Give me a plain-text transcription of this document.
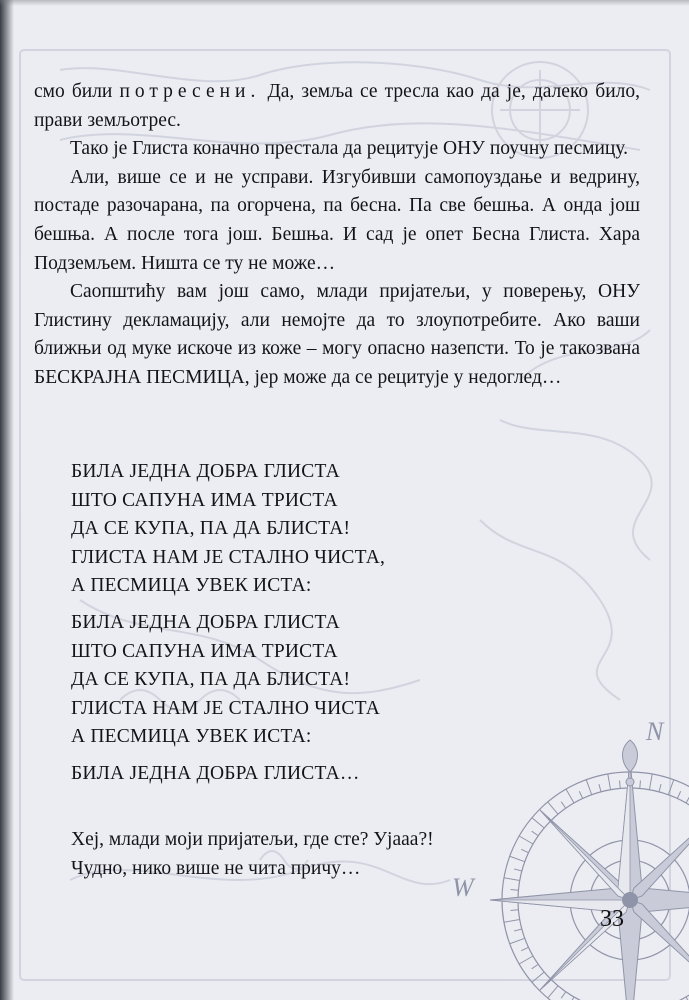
смо били потресени. Да, земља се тресла као да је, далеко било, прави земљотрес.

Тако је Глиста коначно престала да рецитује ОНУ поучну песмицу.

Али, више се и не усправи. Изгубивши самопоуздање и ведрину, постаде разочарана, па огорчена, па бесна. Па све бешња. А онда још бешња. А после тога још. Бешња. И сад је опет Бесна Глиста. Хара Подземљем. Ништа се ту не може…

Саопштићу вам још само, млади пријатељи, у поверењу, ОНУ Глистину декламацију, али немојте да то злоупотребите. Ако ваши ближњи од муке искоче из коже – могу опасно назепсти. То је такозвана БЕСКРАЈНА ПЕСМИЦА, јер може да се рецитује у недоглед…

БИЛА ЈЕДНА ДОБРА ГЛИСТА
ШТО САПУНА ИМА ТРИСТА
ДА СЕ КУПА, ПА ДА БЛИСТА!
ГЛИСТА НАМ ЈЕ СТАЛНО ЧИСТА,
А ПЕСМИЦА УВЕК ИСТА:
БИЛА ЈЕДНА ДОБРА ГЛИСТА
ШТО САПУНА ИМА ТРИСТА
ДА СЕ КУПА, ПА ДА БЛИСТА!
ГЛИСТА НАМ ЈЕ СТАЛНО ЧИСТА
А ПЕСМИЦА УВЕК ИСТА:
БИЛА ЈЕДНА ДОБРА ГЛИСТА…
Хеј, млади моји пријатељи, где сте? Ујааа?!
Чудно, нико више не чита причу…
N
W
33
